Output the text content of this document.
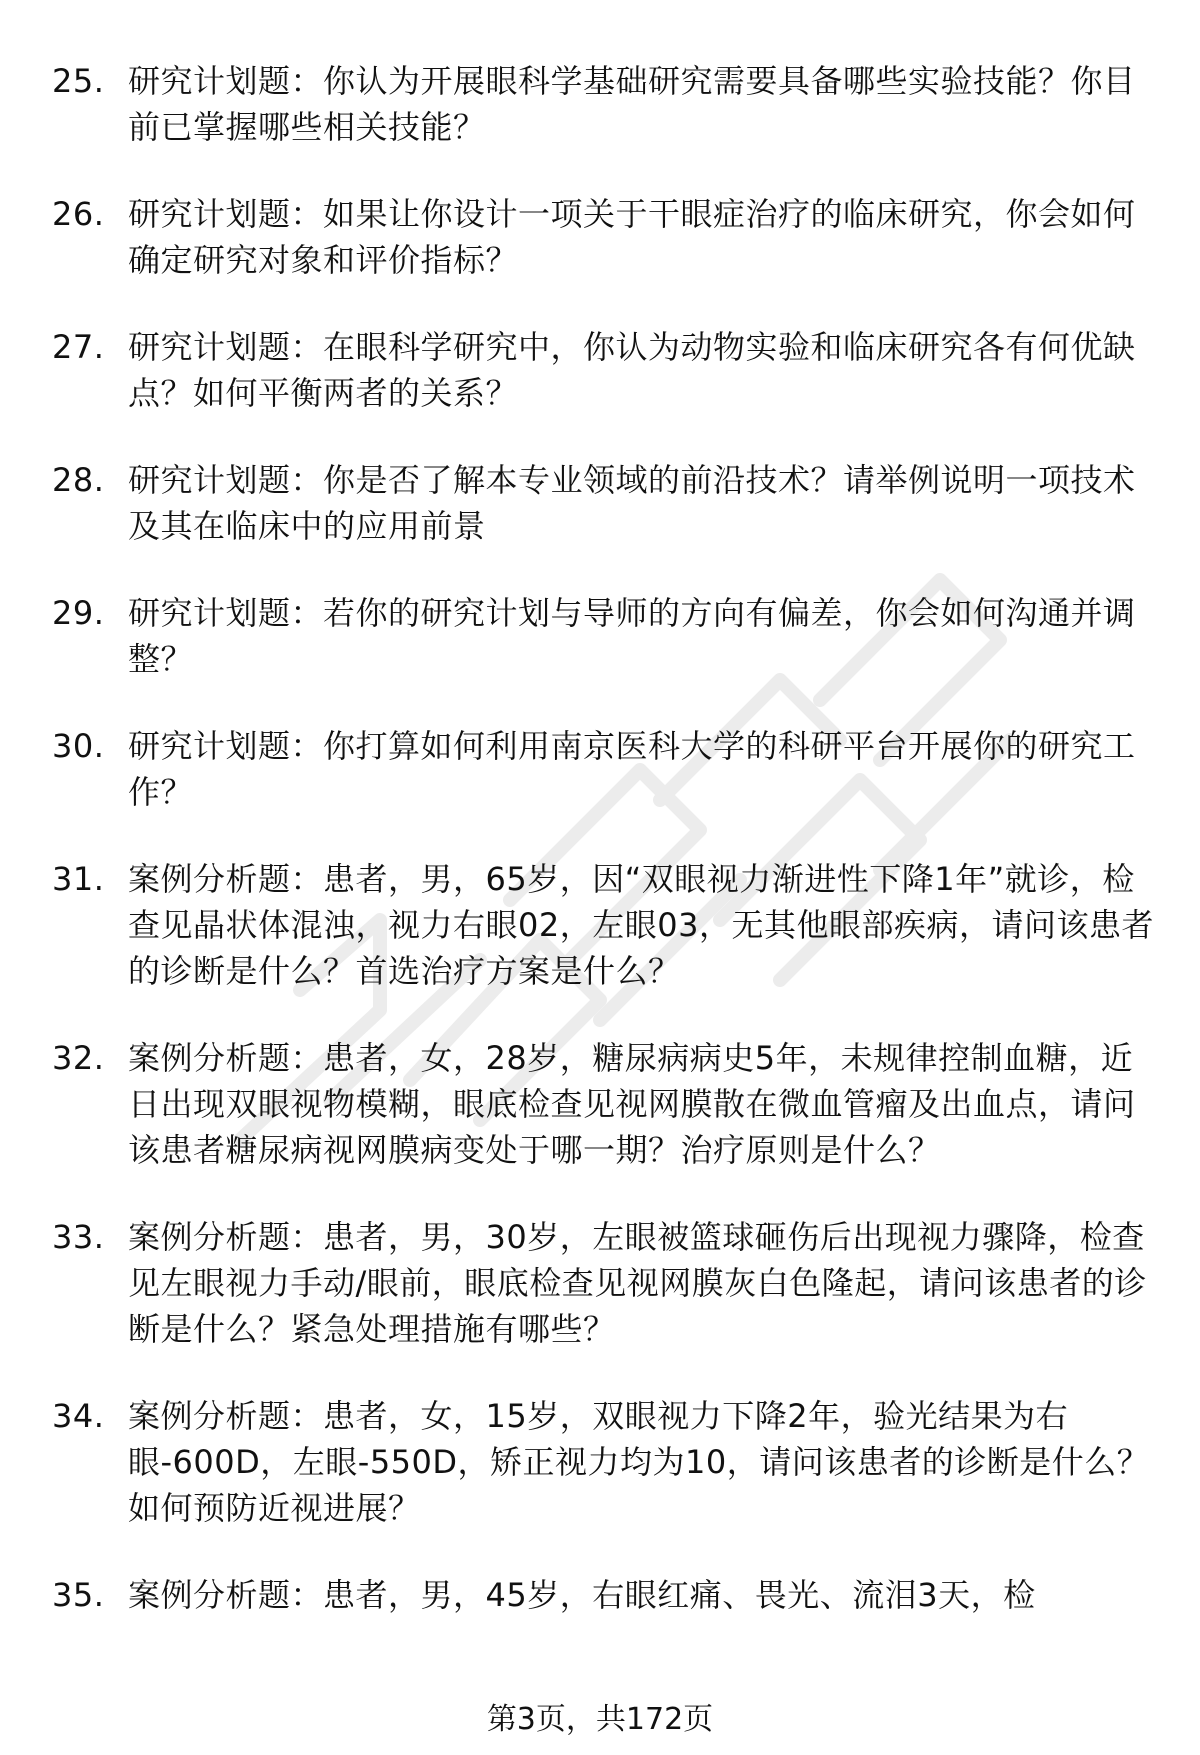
25. 研究计划题：你认为开展眼科学基础研究需要具备哪些实验技能？你目前已掌握哪些相关技能？
26. 研究计划题：如果让你设计一项关于干眼症治疗的临床研究，你会如何确定研究对象和评价指标？
27. 研究计划题：在眼科学研究中，你认为动物实验和临床研究各有何优缺点？如何平衡两者的关系？
28. 研究计划题：你是否了解本专业领域的前沿技术？请举例说明一项技术及其在临床中的应用前景
29. 研究计划题：若你的研究计划与导师的方向有偏差，你会如何沟通并调整？
30. 研究计划题：你打算如何利用南京医科大学的科研平台开展你的研究工作？
31. 案例分析题：患者，男，65岁，因“双眼视力渐进性下降1年”就诊，检查见晶状体混浊，视力右眼02，左眼03，无其他眼部疾病，请问该患者的诊断是什么？首选治疗方案是什么？
32. 案例分析题：患者，女，28岁，糖尿病病史5年，未规律控制血糖，近日出现双眼视物模糊，眼底检查见视网膜散在微血管瘤及出血点，请问该患者糖尿病视网膜病变处于哪一期？治疗原则是什么？
33. 案例分析题：患者，男，30岁，左眼被篮球砸伤后出现视力骤降，检查见左眼视力手动/眼前，眼底检查见视网膜灰白色隆起，请问该患者的诊断是什么？紧急处理措施有哪些？
34. 案例分析题：患者，女，15岁，双眼视力下降2年，验光结果为右眼-600D，左眼-550D，矫正视力均为10，请问该患者的诊断是什么？如何预防近视进展？
35. 案例分析题：患者，男，45岁，右眼红痛、畏光、流泪3天，检
第3页，共172页
